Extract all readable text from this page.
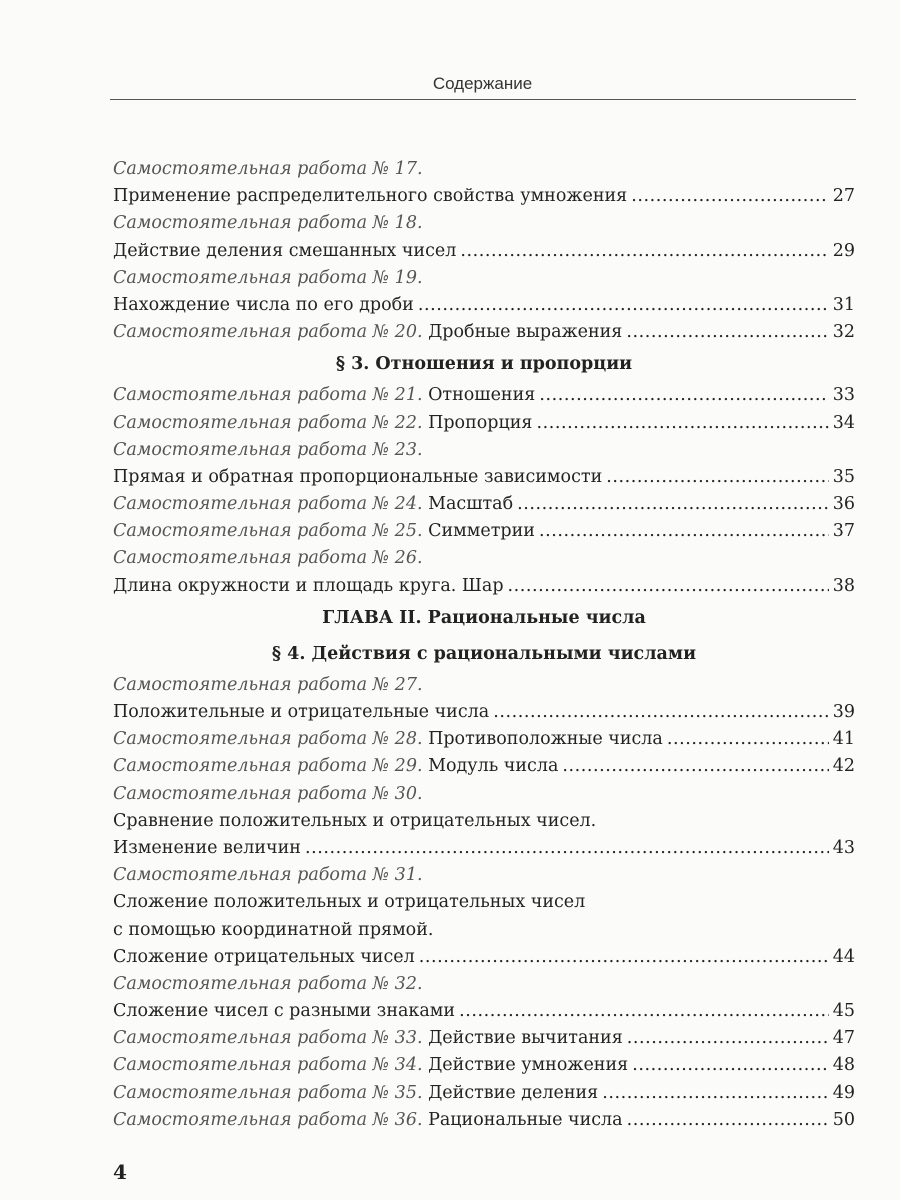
Содержание
Самостоятельная работа № 17.
Применение распределительного свойства умножения . . .	27
Самостоятельная работа № 18.
Действие деления смешанных чисел . . .	29
Самостоятельная работа № 19.
Нахождение числа по его дроби . . .	31
Самостоятельная работа № 20. Дробные выражения . . .	32
§ 3. Отношения и пропорции
Самостоятельная работа № 21. Отношения . . .	33
Самостоятельная работа № 22. Пропорция . . .	34
Самостоятельная работа № 23.
Прямая и обратная пропорциональные зависимости . . .	35
Самостоятельная работа № 24. Масштаб . . .	36
Самостоятельная работа № 25. Симметрии . . .	37
Самостоятельная работа № 26.
Длина окружности и площадь круга. Шар . . .	38
ГЛАВА II. Рациональные числа
§ 4. Действия с рациональными числами
Самостоятельная работа № 27.
Положительные и отрицательные числа . . .	39
Самостоятельная работа № 28. Противоположные числа . . .	41
Самостоятельная работа № 29. Модуль числа . . .	42
Самостоятельная работа № 30.
Сравнение положительных и отрицательных чисел.
Изменение величин . . .	43
Самостоятельная работа № 31.
Сложение положительных и отрицательных чисел
с помощью координатной прямой.
Сложение отрицательных чисел . . .	44
Самостоятельная работа № 32.
Сложение чисел с разными знаками . . .	45
Самостоятельная работа № 33. Действие вычитания . . .	47
Самостоятельная работа № 34. Действие умножения . . .	48
Самостоятельная работа № 35. Действие деления . . .	49
Самостоятельная работа № 36. Рациональные числа . . .	50
4
